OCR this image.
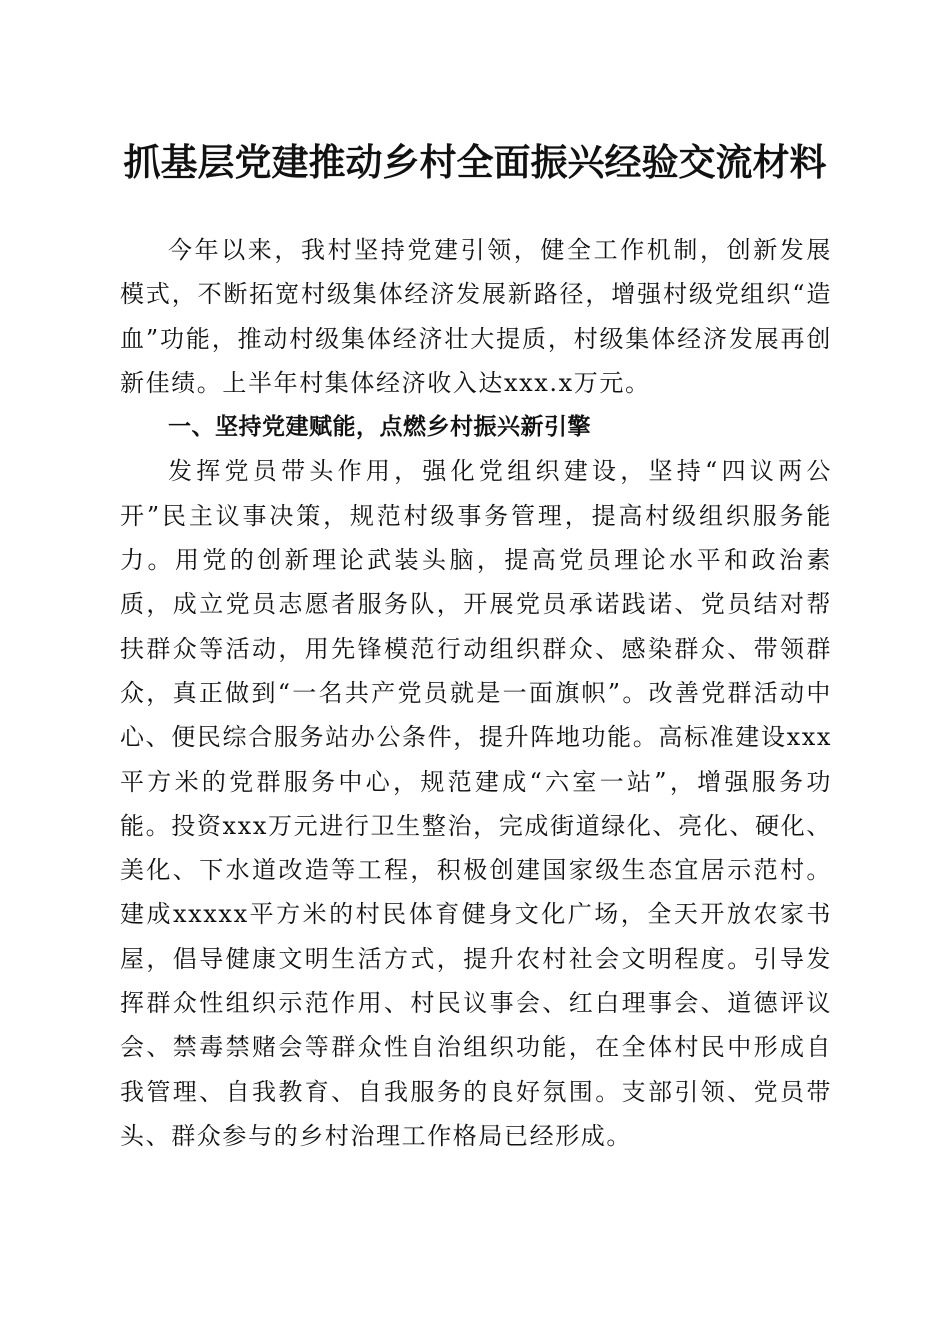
抓基层党建推动乡村全面振兴经验交流材料

今年以来，我村坚持党建引领，健全工作机制，创新发展模式，不断拓宽村级集体经济发展新路径，增强村级党组织“造血”功能，推动村级集体经济壮大提质，村级集体经济发展再创新佳绩。上半年村集体经济收入达xxx.x万元。

一、坚持党建赋能，点燃乡村振兴新引擎

发挥党员带头作用，强化党组织建设，坚持“四议两公开”民主议事决策，规范村级事务管理，提高村级组织服务能力。用党的创新理论武装头脑，提高党员理论水平和政治素质，成立党员志愿者服务队，开展党员承诺践诺、党员结对帮扶群众等活动，用先锋模范行动组织群众、感染群众、带领群众，真正做到“一名共产党员就是一面旗帜”。改善党群活动中心、便民综合服务站办公条件，提升阵地功能。高标准建设xxx平方米的党群服务中心，规范建成“六室一站”，增强服务功能。投资xxx万元进行卫生整治，完成街道绿化、亮化、硬化、美化、下水道改造等工程，积极创建国家级生态宜居示范村。建成xxxxx平方米的村民体育健身文化广场，全天开放农家书屋，倡导健康文明生活方式，提升农村社会文明程度。引导发挥群众性组织示范作用、村民议事会、红白理事会、道德评议会、禁毒禁赌会等群众性自治组织功能，在全体村民中形成自我管理、自我教育、自我服务的良好氛围。支部引领、党员带头、群众参与的乡村治理工作格局已经形成。
